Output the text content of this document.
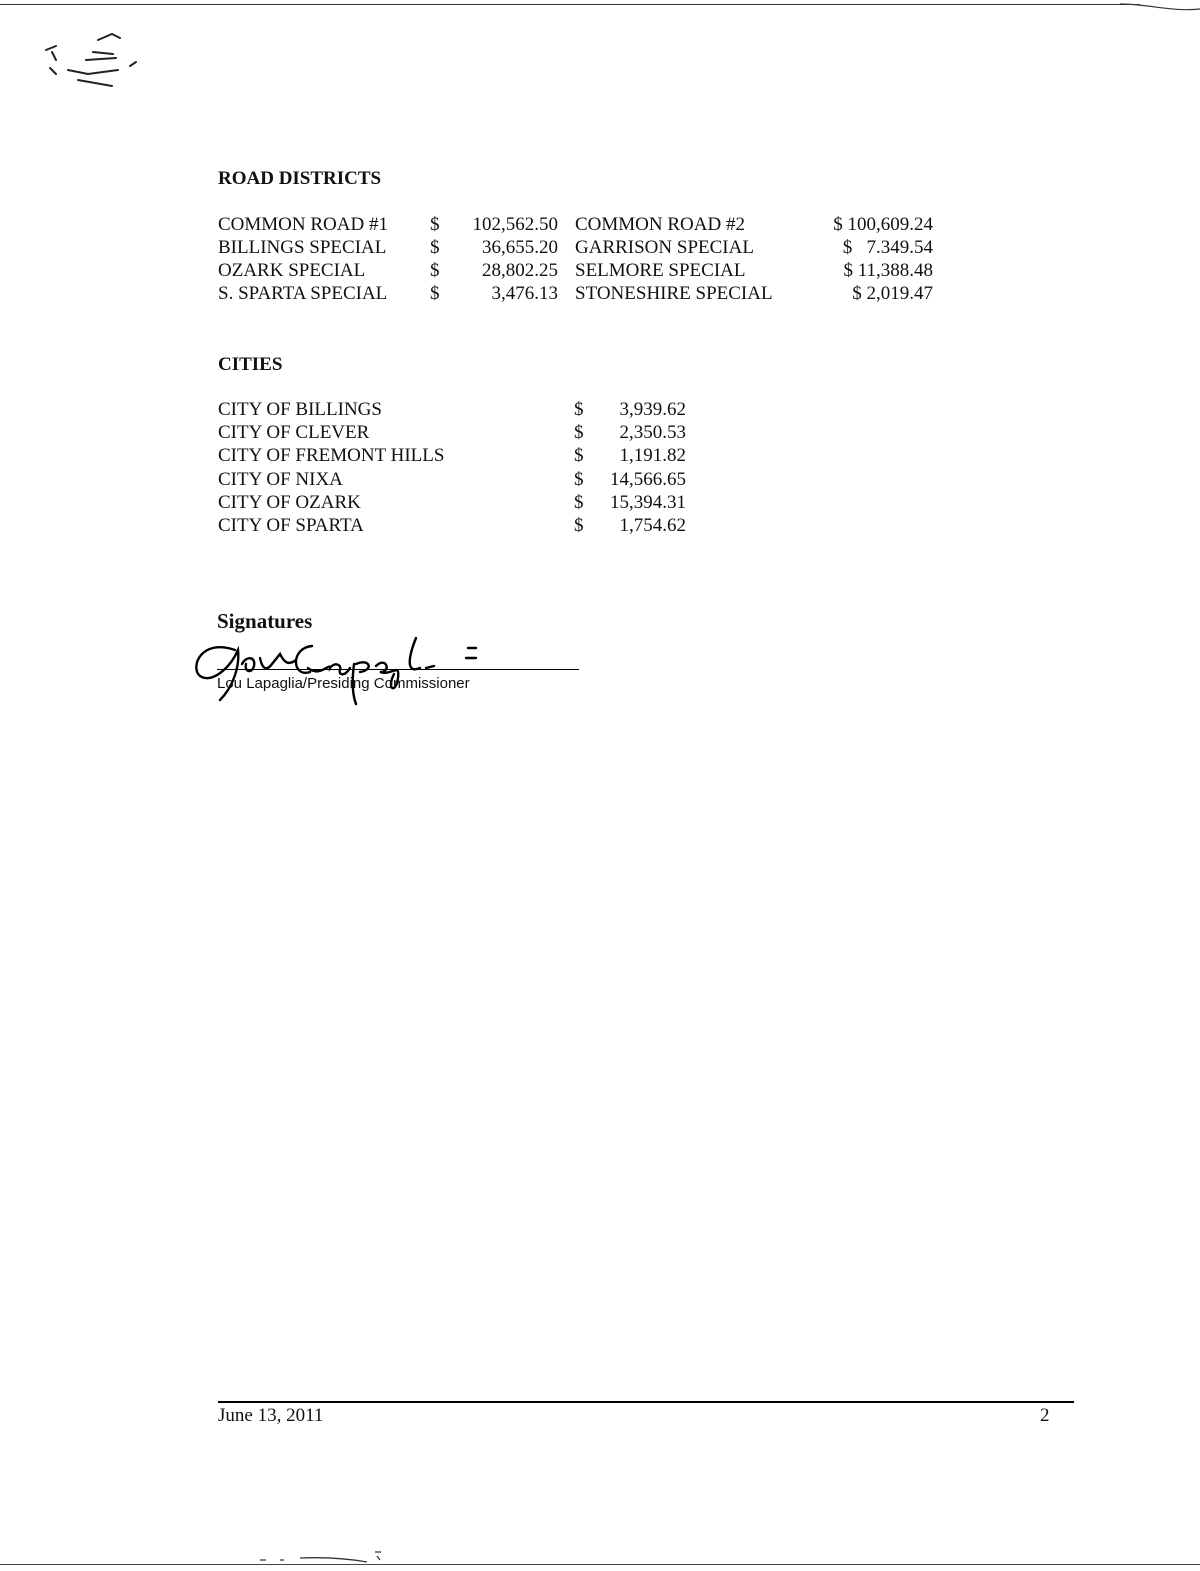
ROAD DISTRICTS
COMMON ROAD #1 $	102,562.50 COMMON ROAD #2	$ 100,609.24
BILLINGS SPECIAL $	36,655.20 GARRISON SPECIAL	$   7.349.54
OZARK SPECIAL	$	28,802.25 SELMORE SPECIAL	$ 11,388.48
S. SPARTA SPECIAL $	3,476.13 STONESHIRE SPECIAL	$ 2,019.47
CITIES
CITY OF BILLINGS	$	3,939.62
CITY OF CLEVER	$	2,350.53
CITY OF FREMONT HILLS	$	1,191.82
CITY OF NIXA	$	14,566.65
CITY OF OZARK	$	15,394.31
CITY OF SPARTA	$	1,754.62
Signatures
Lou Lapaglia/Presiding Commissioner
June 13, 2011	2
